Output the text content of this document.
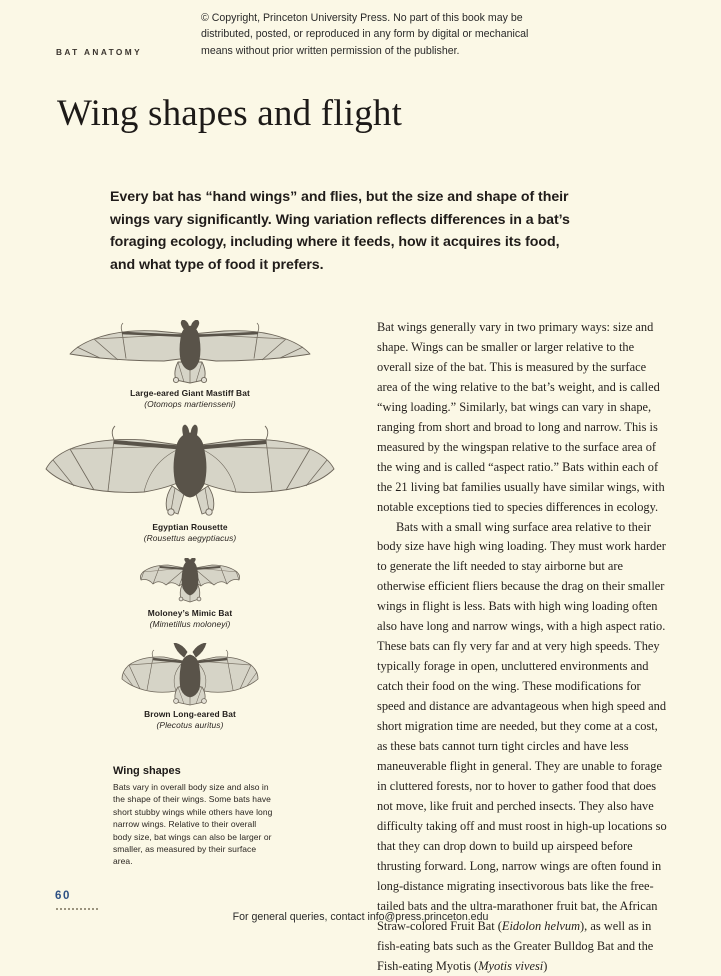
© Copyright, Princeton University Press. No part of this book may be distributed, posted, or reproduced in any form by digital or mechanical means without prior written permission of the publisher.
BAT ANATOMY
Wing shapes and flight
Every bat has “hand wings” and flies, but the size and shape of their wings vary significantly. Wing variation reflects differences in a bat’s foraging ecology, including where it feeds, how it acquires its food, and what type of food it prefers.
Large-eared Giant Mastiff Bat
(Otomops martiensseni)
Egyptian Rousette
(Rousettus aegyptiacus)
Moloney’s Mimic Bat
(Mimetillus moloneyi)
Brown Long-eared Bat
(Plecotus auritus)
Wing shapes

Bats vary in overall body size and also in the shape of their wings. Some bats have short stubby wings while others have long narrow wings. Relative to their overall body size, bat wings can also be larger or smaller, as measured by their surface area.

Bat wings generally vary in two primary ways: size and shape. Wings can be smaller or larger relative to the overall size of the bat. This is measured by the surface area of the wing relative to the bat’s weight, and is called “wing loading.” Similarly, bat wings can vary in shape, ranging from short and broad to long and narrow. This is measured by the wingspan relative to the surface area of the wing and is called “aspect ratio.” Bats within each of the 21 living bat families usually have similar wings, with notable exceptions tied to species differences in ecology.

Bats with a small wing surface area relative to their body size have high wing loading. They must work harder to generate the lift needed to stay airborne but are otherwise efficient fliers because the drag on their smaller wings in flight is less. Bats with high wing loading often also have long and narrow wings, with a high aspect ratio. These bats can fly very far and at very high speeds. They typically forage in open, uncluttered environments and catch their food on the wing. These modifications for speed and distance are advantageous when high speed and short migration time are needed, but they come at a cost, as these bats cannot turn tight circles and have less maneuverable flight in general. They are unable to forage in cluttered forests, nor to hover to gather food that does not move, like fruit and perched insects. They also have difficulty taking off and must roost in high-up locations so that they can drop down to build up airspeed before thrusting forward. Long, narrow wings are often found in long-distance migrating insectivorous bats like the free-tailed bats and the ultra-marathoner fruit bat, the African Straw-colored Fruit Bat (Eidolon helvum), as well as in fish-eating bats such as the Greater Bulldog Bat and the Fish-eating Myotis (Myotis vivesi)

60
For general queries, contact info@press.princeton.edu
